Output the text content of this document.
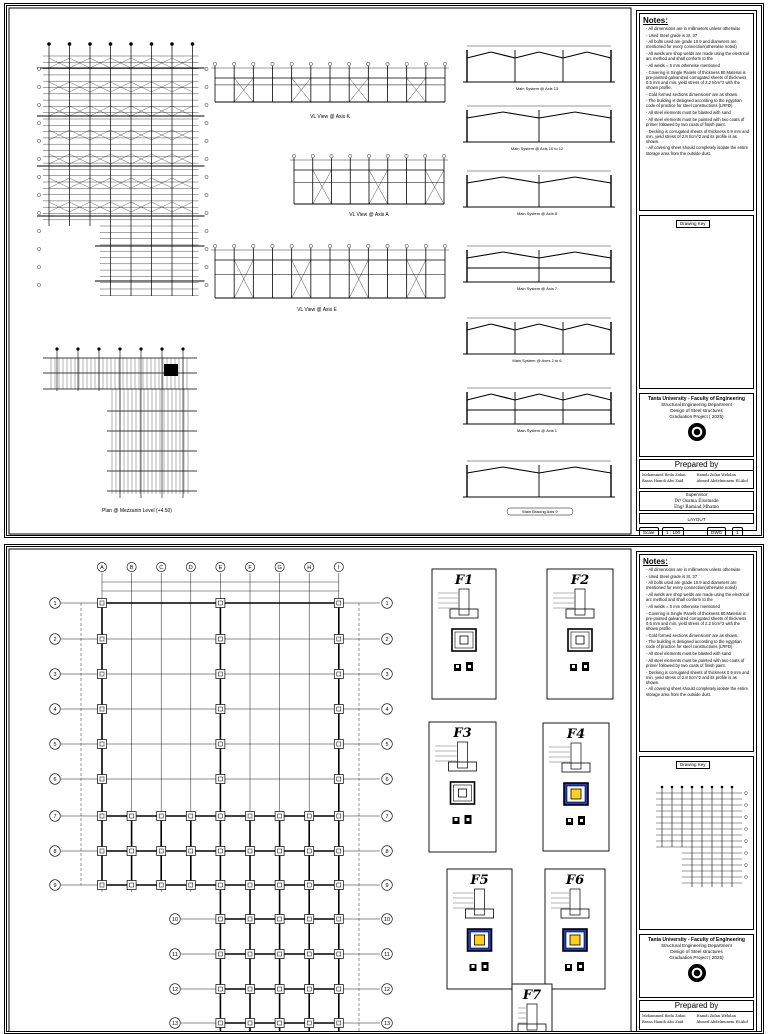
VL View @ Axis K
VL View @ Axis A
VL View @ Axis E
Plan @ Mezzanin Level (+4.50)
Main System @ Axis 13
Main System @ Axis 10 to 12
Main System @ Axis 8
Main System @ Axis 7
Main System @ Axes 2 to 6
Main System @ Axis 1
Main Bracing Axis 9
Notes:
- All dimensions are in millimeters unless otherwise
- Used Steel grade is St. 37
- All bolts used are grade 10.9 and diameters are mentioned for every connection(otherwise noted)
- All welds are shop welds are made using the electrical arc method and shall conform to the
- All welds = 5 mm otherwise mentioned
- Covering is Single Panels of thickness 80.Material is pre-pointed galvanized corrugated sheets of thickness 0.5 mm and min. yield stress of 2.2 t/cm^2 with the shown profile.
- Cold formed sections dimensions' are as shown.
- The building is designed according to the egyptian code of practice for steel constructions (LRFD)
- All steel elements must be blasted with sand
- All steel elements must be painted with two coats of primer followed by two coats of finish paint.
- Decking is corrugated sheets of thickness 0.9 mm and min. yield stress of 2.8 t/cm^2 and its profile is as shown.
- All covering sheet should completely isolate the entire storage area from the outside dust.
Drawing Key
Tanta University - Faculty of Engineering
Structural Engineering Department
Design of Steel structures
Graduation Project ( 2025)
Prepared by
Mohammed Reda Zidan	Hamdi Zidan Wehdan
Bassa Hamdi Abo Zaid	Ahmed Abdelmunem ELAbd
Supervisor
Dr/ Osama Elsomsde
Eng/ Ramiad Mhamo
LAYOUT
Scale	1 : 100	DWG	1
A	B	C	D	E	F	G	H	I
1	1
2	2
3	3
4	4
5	5
6	6
7	7
8	8
9	9
10	10
11	11
12	12
13	13
F1	F2
F3	F4
F5	F6
F7
Notes:
- All dimensions are in millimeters unless otherwise
- Used Steel grade is St. 37
- All bolts used are grade 10.9 and diameters are mentioned for every connection(otherwise noted)
- All welds are shop welds are made using the electrical arc method and shall conform to the
- All welds = 5 mm otherwise mentioned
- Covering is Single Panels of thickness 80.Material is pre-pointed galvanized corrugated sheets of thickness 0.5 mm and min. yield stress of 2.2 t/cm^2 with the shown profile.
- Cold formed sections dimensions' are as shown.
- The building is designed according to the egyptian code of practice for steel constructions (LRFD)
- All steel elements must be blasted with sand
- All steel elements must be painted with two coats of primer followed by two coats of finish paint.
- Decking is corrugated sheets of thickness 0.9 mm and min. yield stress of 2.8 t/cm^2 and its profile is as shown.
- All covering sheet should completely isolate the entire storage area from the outside dust.
Drawing Key
Tanta University - Faculty of Engineering
Structural Engineering Department
Design of Steel structures
Graduation Project ( 2025)
Prepared by
Mohammed Reda Zidan	Hamdi Zidan Wehdan
Bassa Hamdi Abo Zaid	Ahmed Abdelmunem ELAbd
